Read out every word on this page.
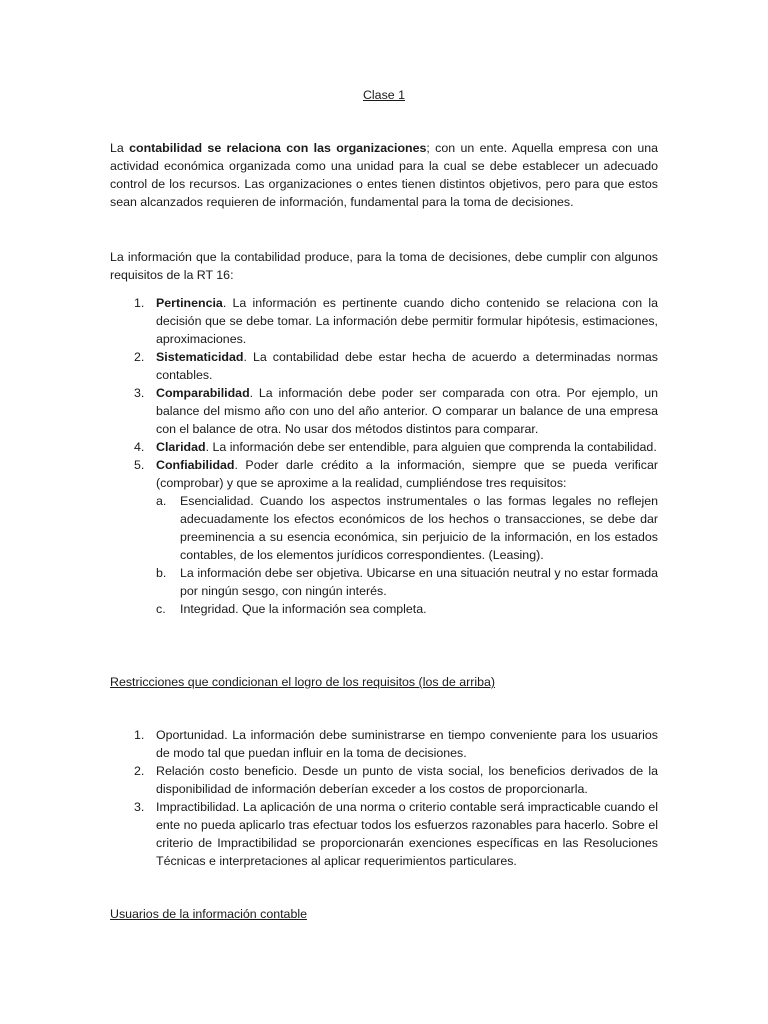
Clase 1

La contabilidad se relaciona con las organizaciones; con un ente. Aquella empresa con una actividad económica organizada como una unidad para la cual se debe establecer un adecuado control de los recursos. Las organizaciones o entes tienen distintos objetivos, pero para que estos sean alcanzados requieren de información, fundamental para la toma de decisiones.

La información que la contabilidad produce, para la toma de decisiones, debe cumplir con algunos requisitos de la RT 16:

1. Pertinencia. La información es pertinente cuando dicho contenido se relaciona con la decisión que se debe tomar. La información debe permitir formular hipótesis, estimaciones, aproximaciones.
2. Sistematicidad. La contabilidad debe estar hecha de acuerdo a determinadas normas contables.
3. Comparabilidad. La información debe poder ser comparada con otra. Por ejemplo, un balance del mismo año con uno del año anterior. O comparar un balance de una empresa con el balance de otra. No usar dos métodos distintos para comparar.
4. Claridad. La información debe ser entendible, para alguien que comprenda la contabilidad.
5. Confiabilidad. Poder darle crédito a la información, siempre que se pueda verificar (comprobar) y que se aproxime a la realidad, cumpliéndose tres requisitos:
a. Esencialidad. Cuando los aspectos instrumentales o las formas legales no reflejen adecuadamente los efectos económicos de los hechos o transacciones, se debe dar preeminencia a su esencia económica, sin perjuicio de la información, en los estados contables, de los elementos jurídicos correspondientes. (Leasing).
b. La información debe ser objetiva. Ubicarse en una situación neutral y no estar formada por ningún sesgo, con ningún interés.
c. Integridad. Que la información sea completa.
Restricciones que condicionan el logro de los requisitos (los de arriba)
1. Oportunidad. La información debe suministrarse en tiempo conveniente para los usuarios de modo tal que puedan influir en la toma de decisiones.
2. Relación costo beneficio. Desde un punto de vista social, los beneficios derivados de la disponibilidad de información deberían exceder a los costos de proporcionarla.
3. Impractibilidad. La aplicación de una norma o criterio contable será impracticable cuando el ente no pueda aplicarlo tras efectuar todos los esfuerzos razonables para hacerlo. Sobre el criterio de Impractibilidad se proporcionarán exenciones específicas en las Resoluciones Técnicas e interpretaciones al aplicar requerimientos particulares.
Usuarios de la información contable
